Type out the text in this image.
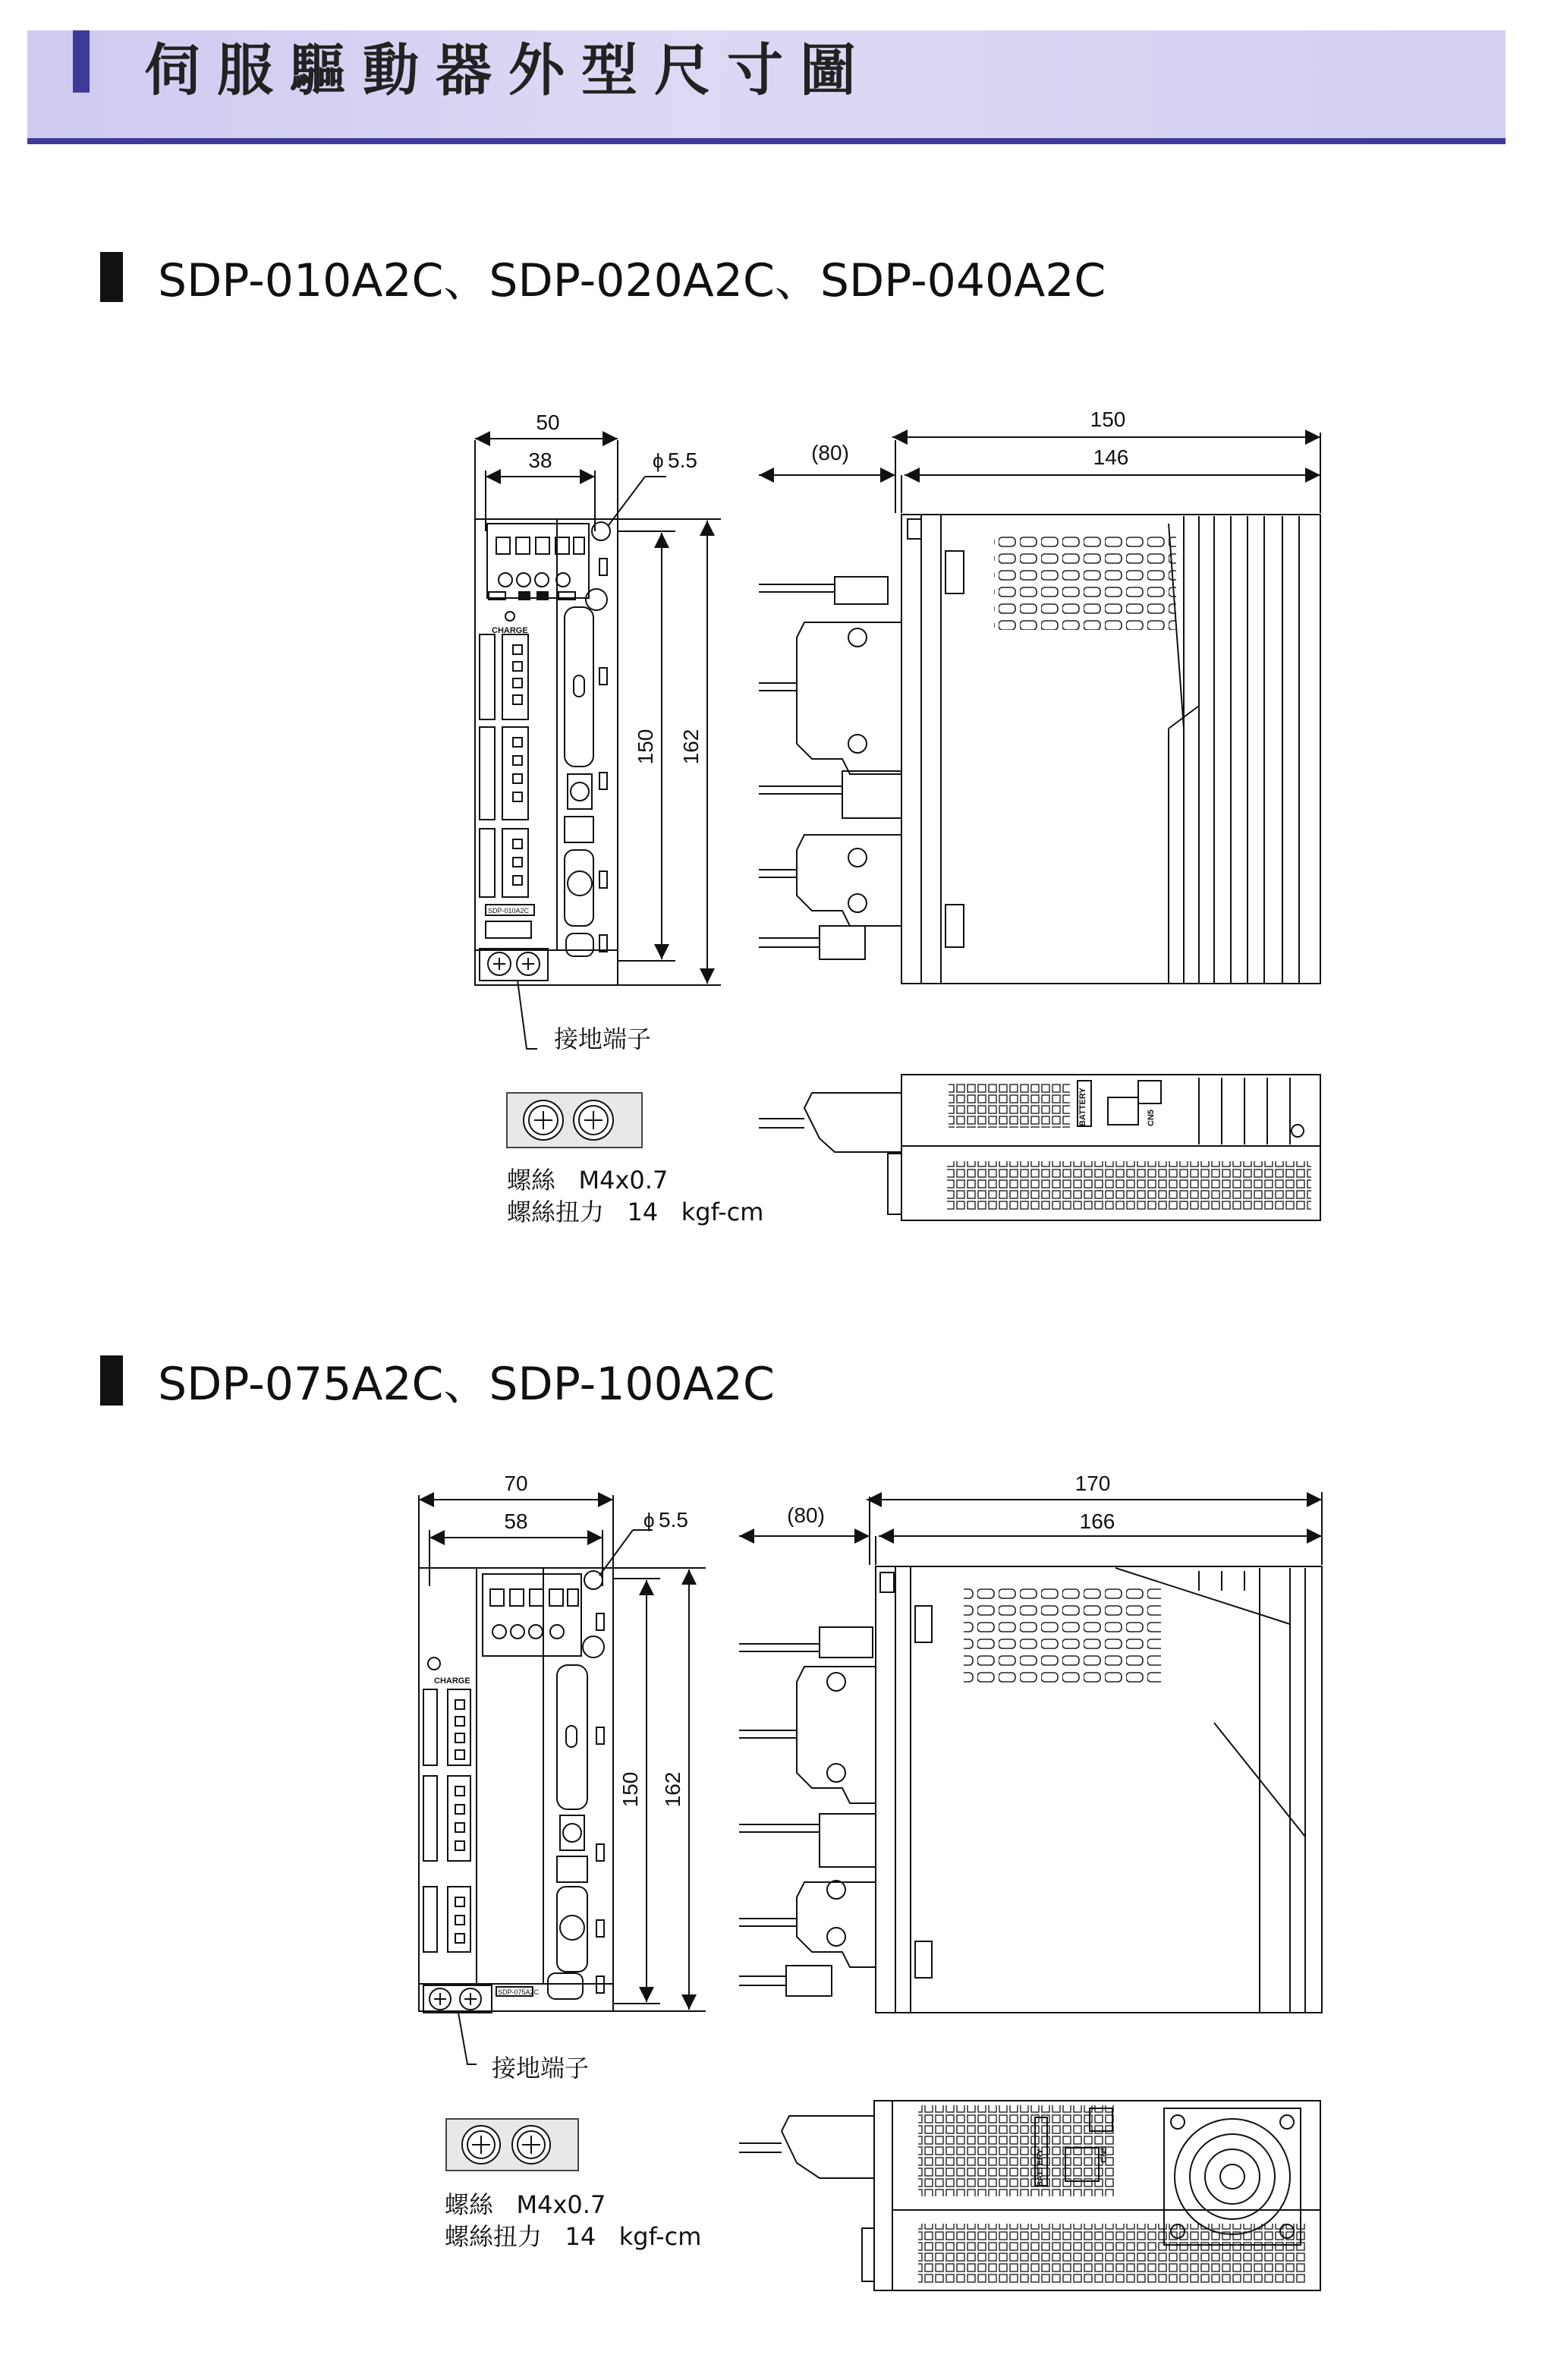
伺服驅動器外型尺寸圖
SDP-010A2C、SDP-020A2C、SDP-040A2C
SDP-075A2C、SDP-100A2C
CHARGE
SDP-010A2C
50
38	ϕ 5.5
150 162
(80)
150
146
BATTERY	CN5
CHARGE
SDP-075A2C
70
58	ϕ 5.5
150 162
(80)
170
166
BATTERY	CN5
接地端子
螺絲   M4x0.7
螺絲扭力   14   kgf-cm
接地端子
螺絲   M4x0.7
螺絲扭力   14   kgf-cm
